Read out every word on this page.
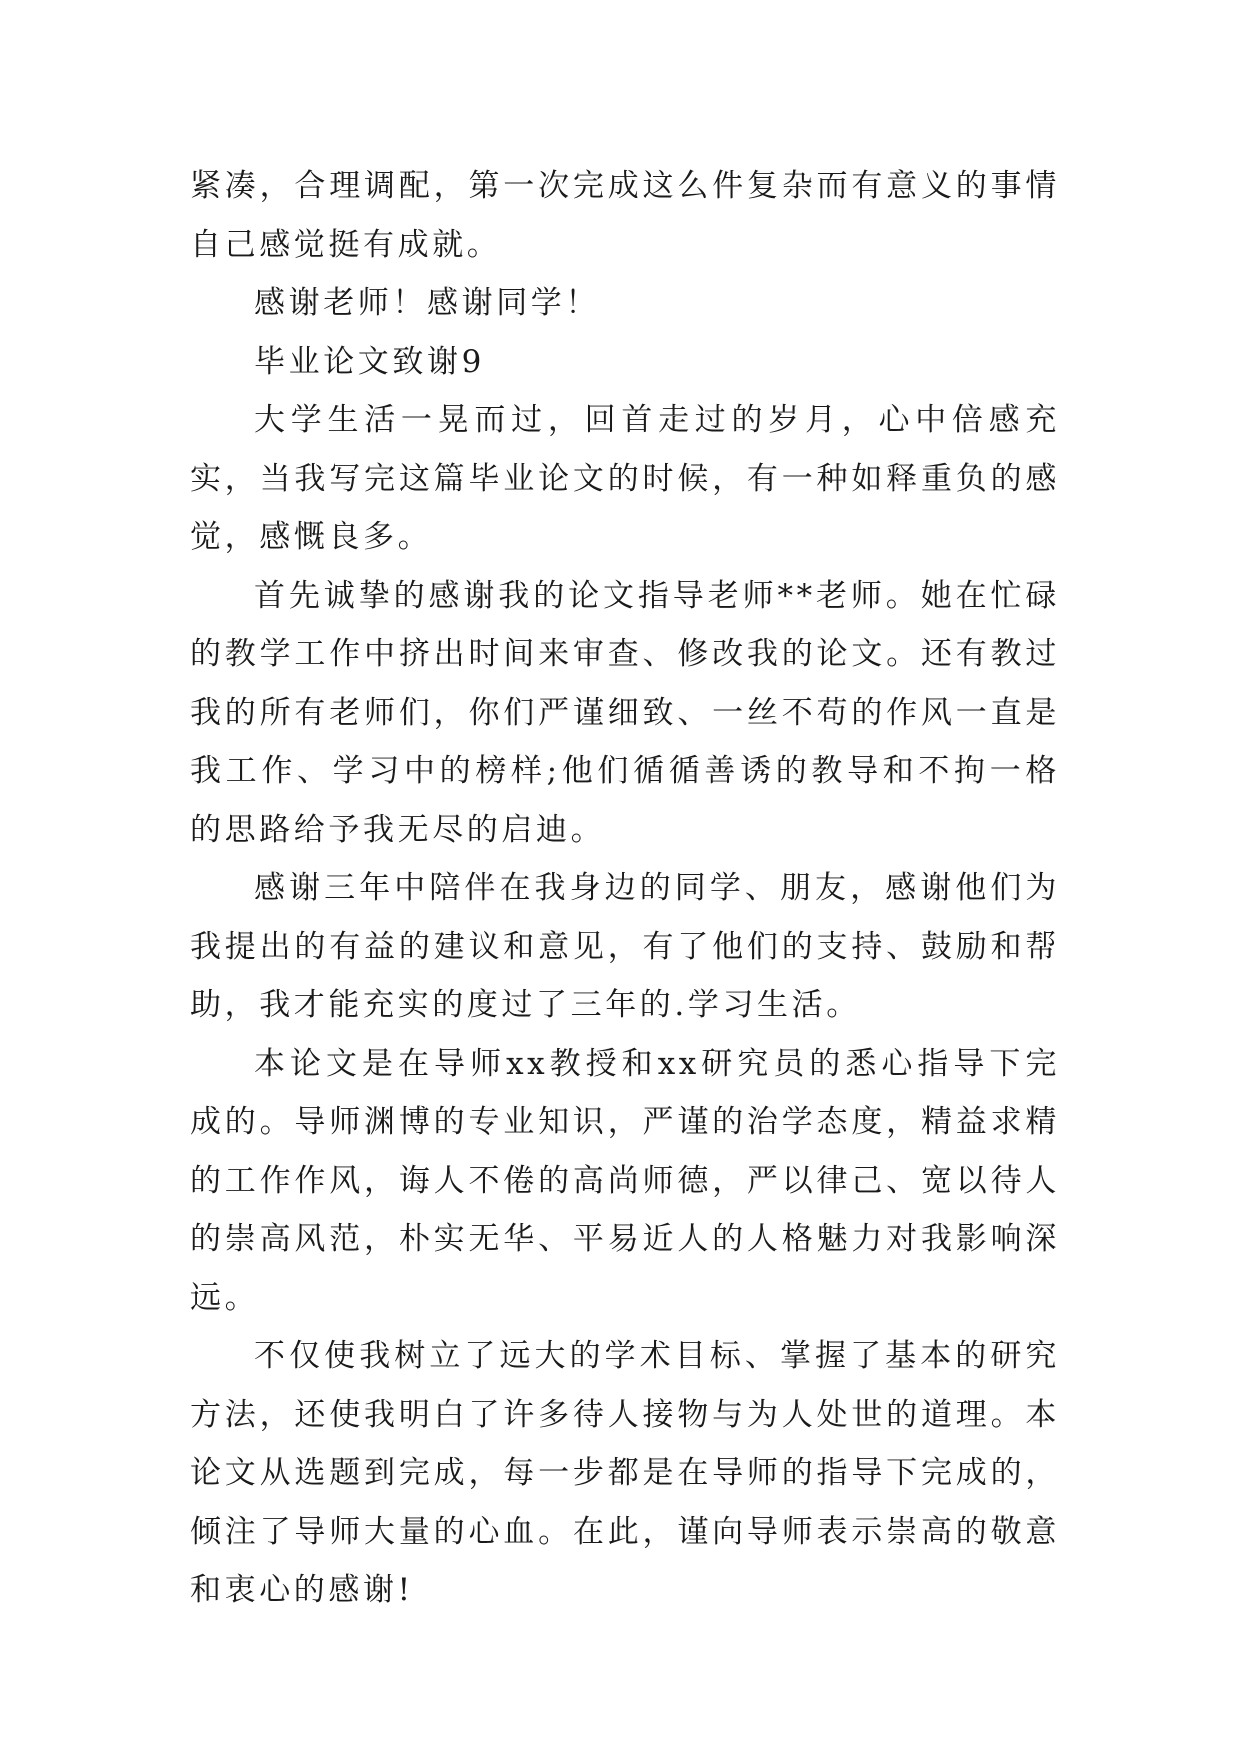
紧凑，合理调配，第一次完成这么件复杂而有意义的事情自己感觉挺有成就。

感谢老师！感谢同学！

毕业论文致谢9

大学生活一晃而过，回首走过的岁月，心中倍感充实，当我写完这篇毕业论文的时候，有一种如释重负的感觉，感慨良多。

首先诚挚的感谢我的论文指导老师**老师。她在忙碌的教学工作中挤出时间来审查、修改我的论文。还有教过我的所有老师们，你们严谨细致、一丝不苟的作风一直是我工作、学习中的榜样;他们循循善诱的教导和不拘一格的思路给予我无尽的启迪。

感谢三年中陪伴在我身边的同学、朋友，感谢他们为我提出的有益的建议和意见，有了他们的支持、鼓励和帮助，我才能充实的度过了三年的.学习生活。

本论文是在导师xx教授和xx研究员的悉心指导下完成的。导师渊博的专业知识，严谨的治学态度，精益求精的工作作风，诲人不倦的高尚师德，严以律己、宽以待人的崇高风范，朴实无华、平易近人的人格魅力对我影响深远。

不仅使我树立了远大的学术目标、掌握了基本的研究方法，还使我明白了许多待人接物与为人处世的道理。本论文从选题到完成，每一步都是在导师的指导下完成的，倾注了导师大量的心血。在此，谨向导师表示崇高的敬意和衷心的感谢!
